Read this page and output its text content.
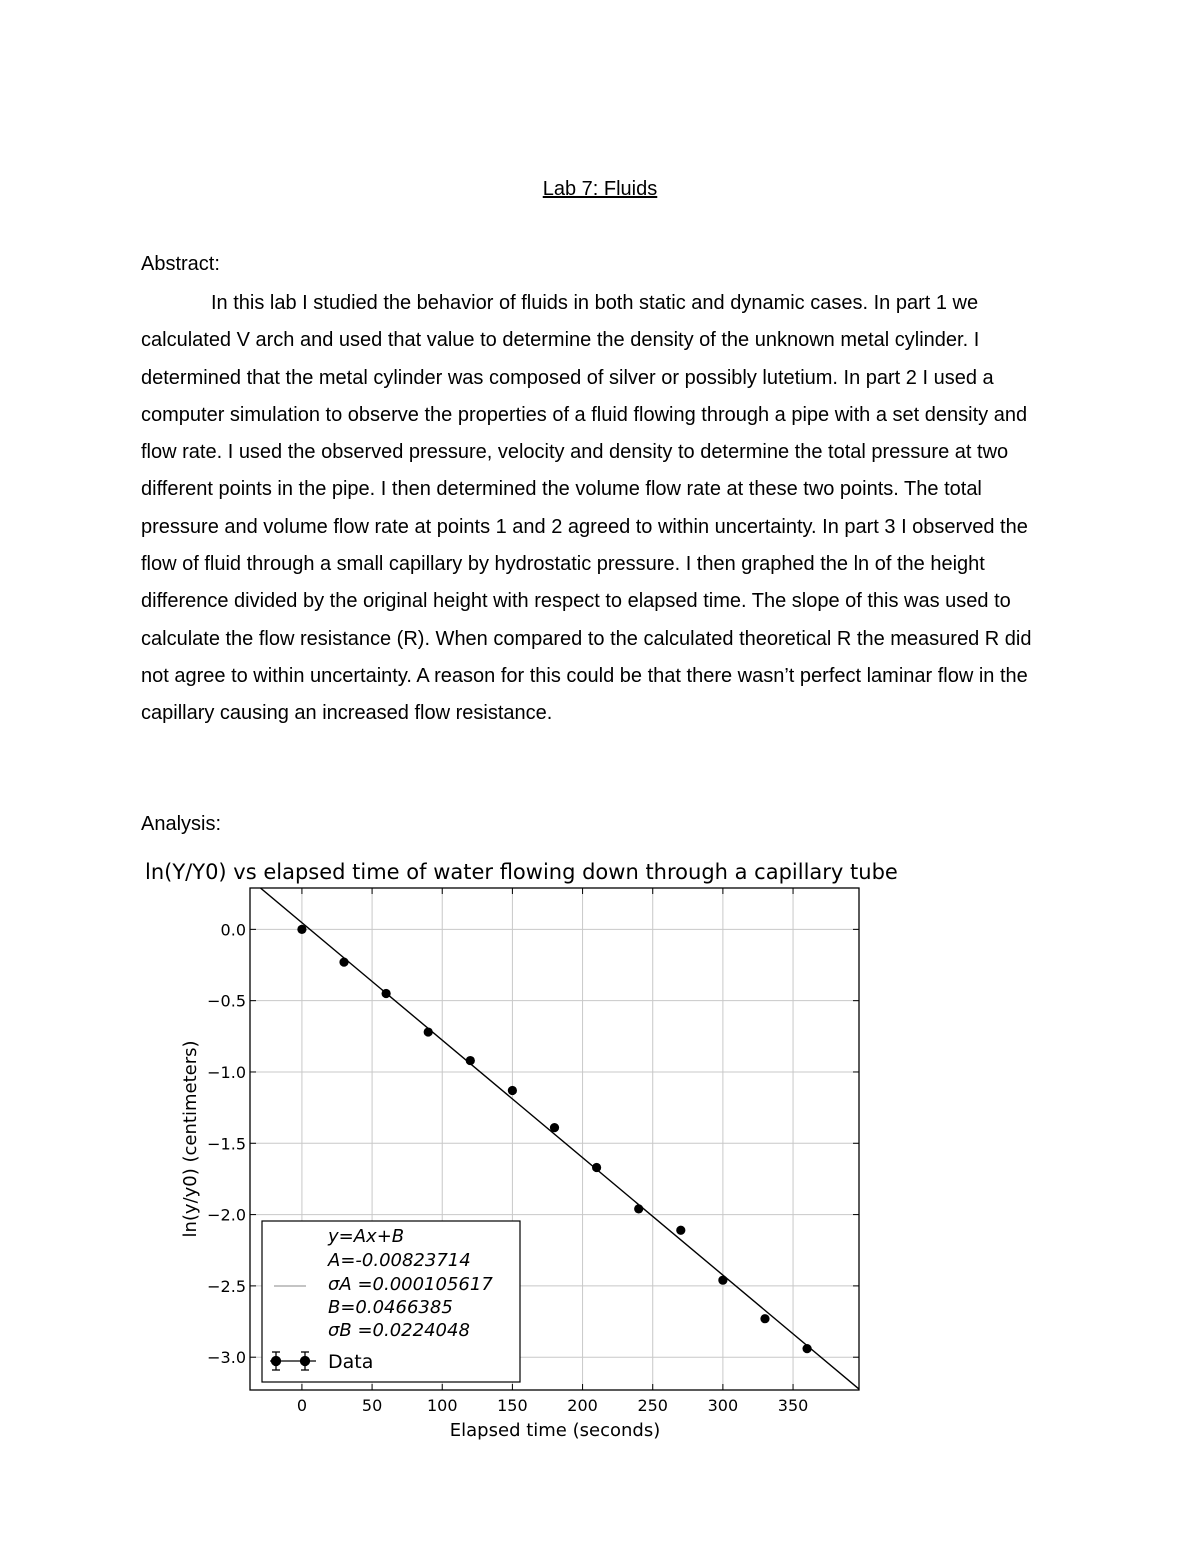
Lab 7: Fluids
Abstract:

In this lab I studied the behavior of fluids in both static and dynamic cases. In part 1 we calculated V arch and used that value to determine the density of the unknown metal cylinder. I determined that the metal cylinder was composed of silver or possibly lutetium. In part 2 I used a computer simulation to observe the properties of a fluid flowing through a pipe with a set density and flow rate. I used the observed pressure, velocity and density to determine the total pressure at two different points in the pipe. I then determined the volume flow rate at these two points. The total pressure and volume flow rate at points 1 and 2 agreed to within uncertainty. In part 3 I observed the flow of fluid through a small capillary by hydrostatic pressure. I then graphed the ln of the height difference divided by the original height with respect to elapsed time. The slope of this was used to calculate the flow resistance (R). When compared to the calculated theoretical R the measured R did not agree to within uncertainty. A reason for this could be that there wasn’t perfect laminar flow in the capillary causing an increased flow resistance.

Analysis:
ln(Y/Y0) vs elapsed time of water flowing down through a capillary tube
0	50	100 150 200 250 300 350
0.0
−0.5
−1.0
−1.5
−2.0
−2.5
−3.0
Elapsed time (seconds)
ln(y/y0) (centimeters)	y=Ax+B
A=-0.00823714
σA =0.000105617
B=0.0466385
σB =0.0224048
Data
